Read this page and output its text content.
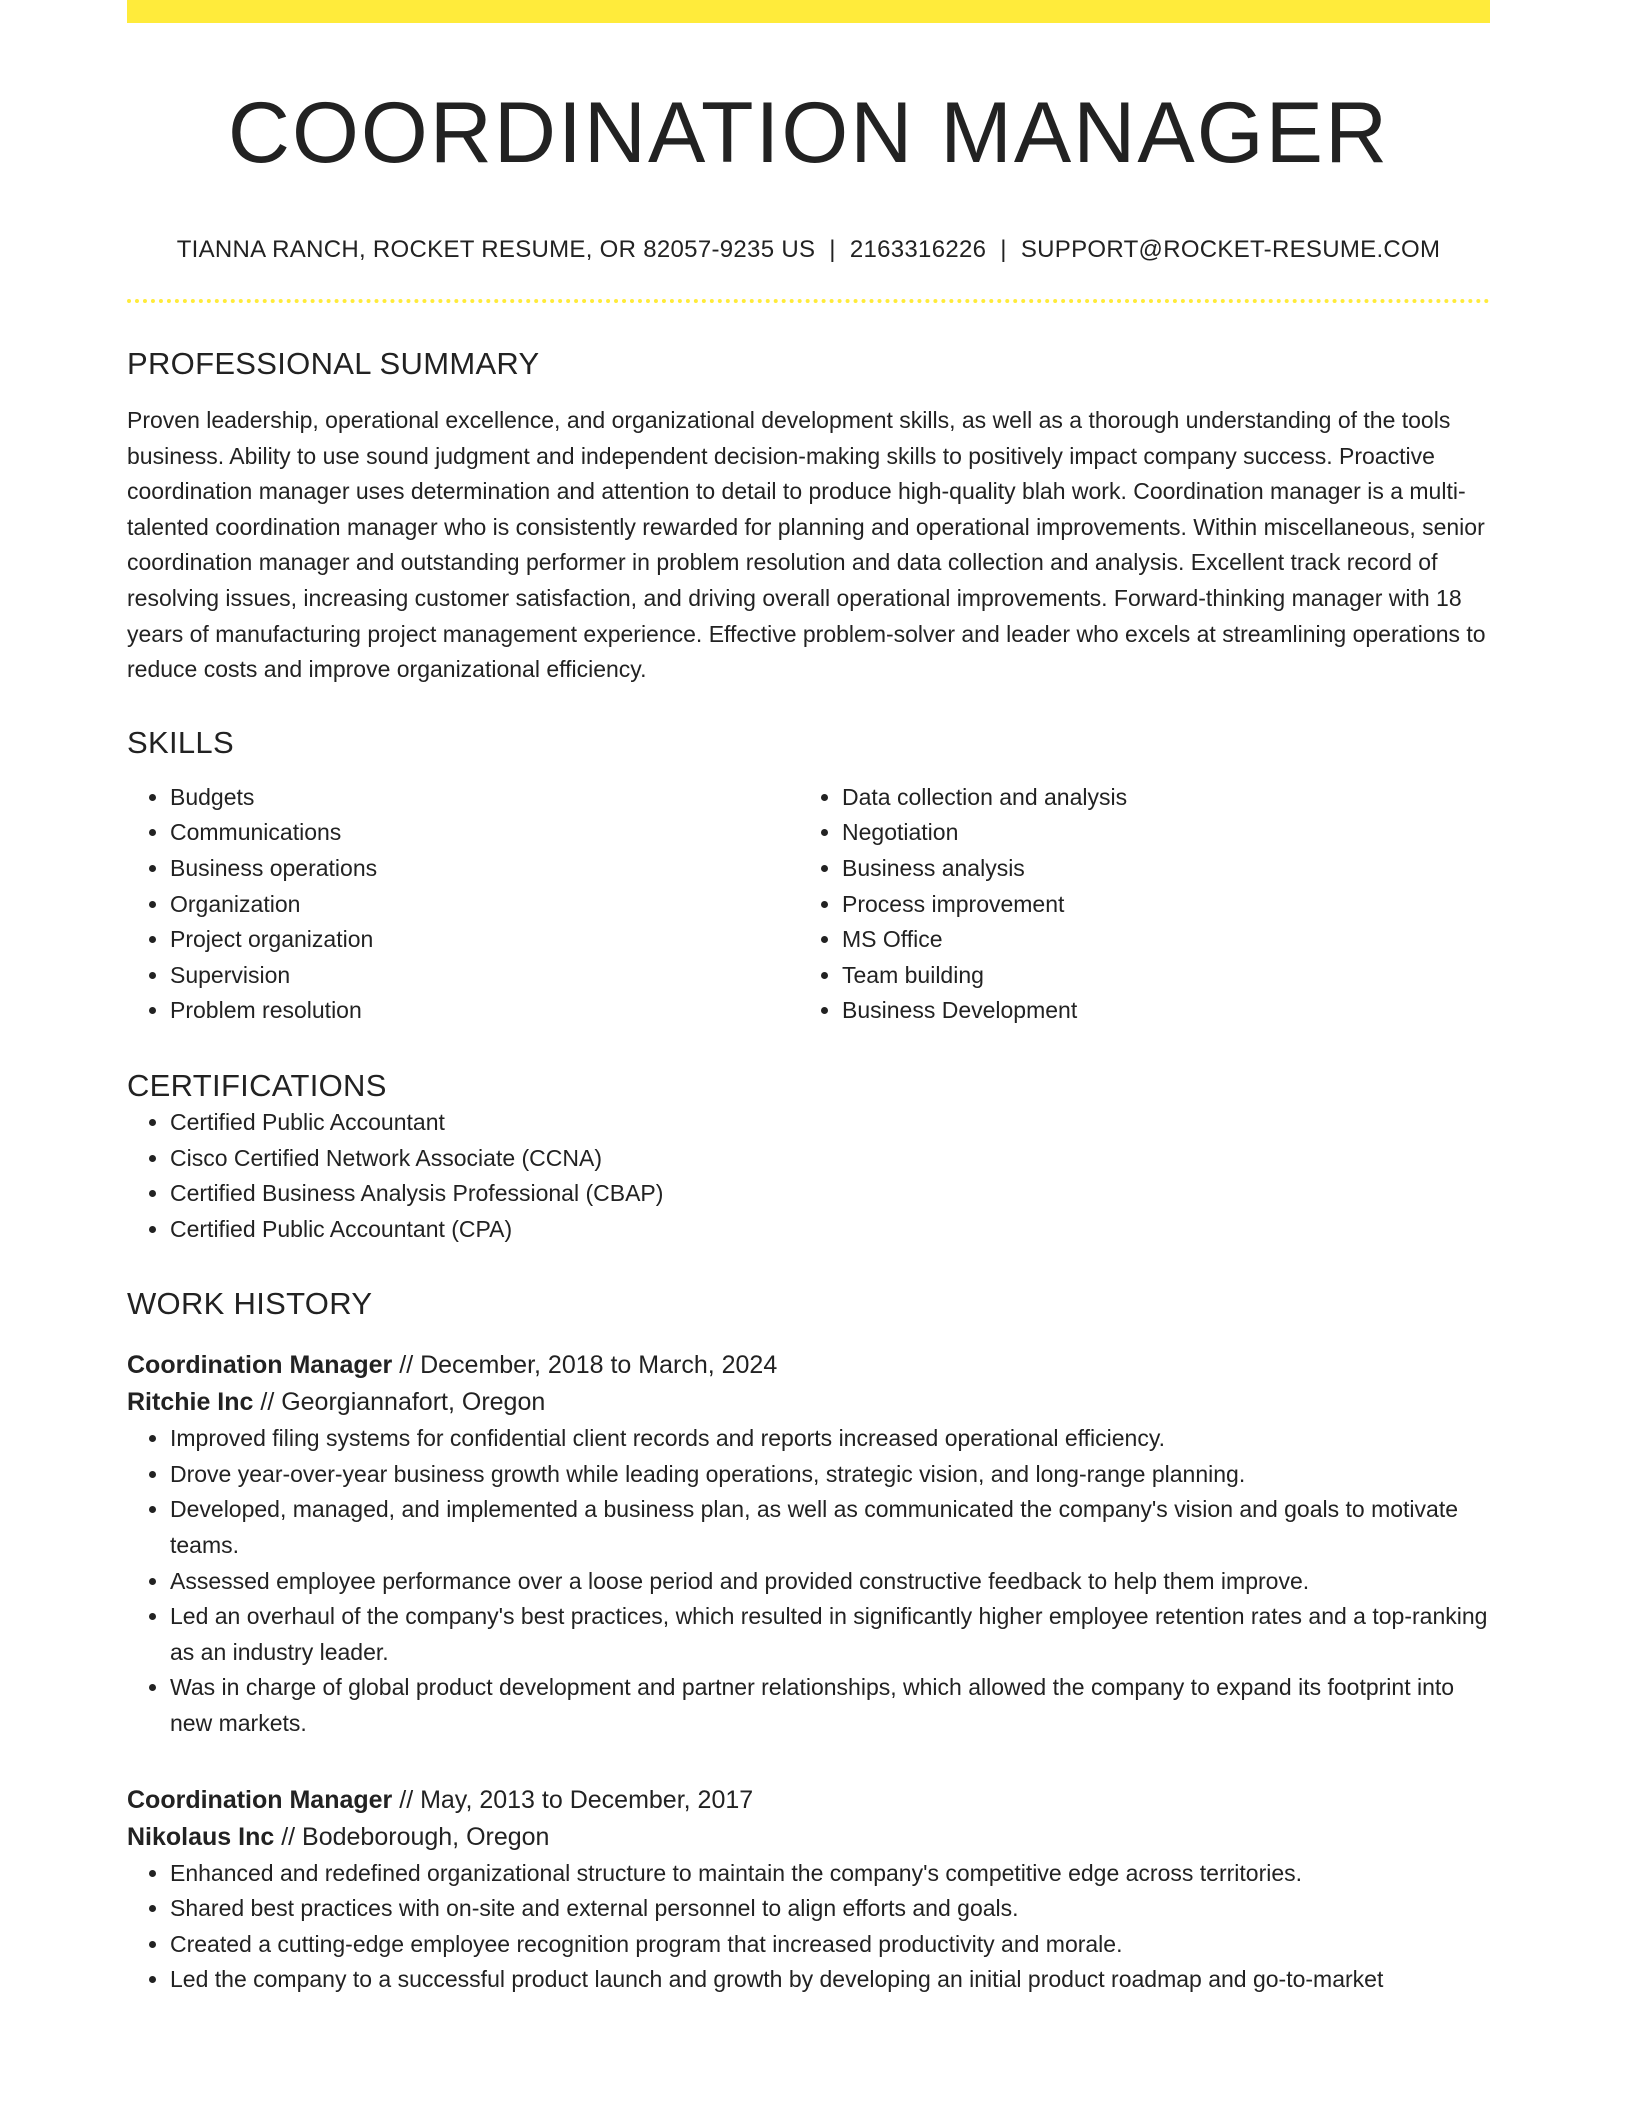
COORDINATION MANAGER
TIANNA RANCH, ROCKET RESUME, OR 82057-9235 US | 2163316226 | SUPPORT@ROCKET-RESUME.COM
PROFESSIONAL SUMMARY
Proven leadership, operational excellence, and organizational development skills, as well as a thorough understanding of the tools business. Ability to use sound judgment and independent decision-making skills to positively impact company success. Proactive coordination manager uses determination and attention to detail to produce high-quality blah work. Coordination manager is a multi-talented coordination manager who is consistently rewarded for planning and operational improvements. Within miscellaneous, senior coordination manager and outstanding performer in problem resolution and data collection and analysis. Excellent track record of resolving issues, increasing customer satisfaction, and driving overall operational improvements. Forward-thinking manager with 18 years of manufacturing project management experience. Effective problem-solver and leader who excels at streamlining operations to reduce costs and improve organizational efficiency.
SKILLS
• Budgets
• Communications
• Business operations
• Organization
• Project organization
• Supervision
• Problem resolution
• Data collection and analysis
• Negotiation
• Business analysis
• Process improvement
• MS Office
• Team building
• Business Development
CERTIFICATIONS
• Certified Public Accountant
• Cisco Certified Network Associate (CCNA)
• Certified Business Analysis Professional (CBAP)
• Certified Public Accountant (CPA)
WORK HISTORY
Coordination Manager // December, 2018 to March, 2024
Ritchie Inc // Georgiannafort, Oregon
• Improved filing systems for confidential client records and reports increased operational efficiency.
• Drove year-over-year business growth while leading operations, strategic vision, and long-range planning.
• Developed, managed, and implemented a business plan, as well as communicated the company's vision and goals to motivate teams.
• Assessed employee performance over a loose period and provided constructive feedback to help them improve.
• Led an overhaul of the company's best practices, which resulted in significantly higher employee retention rates and a top-ranking as an industry leader.
• Was in charge of global product development and partner relationships, which allowed the company to expand its footprint into new markets.
Coordination Manager // May, 2013 to December, 2017
Nikolaus Inc // Bodeborough, Oregon
• Enhanced and redefined organizational structure to maintain the company's competitive edge across territories.
• Shared best practices with on-site and external personnel to align efforts and goals.
• Created a cutting-edge employee recognition program that increased productivity and morale.
• Led the company to a successful product launch and growth by developing an initial product roadmap and go-to-market
